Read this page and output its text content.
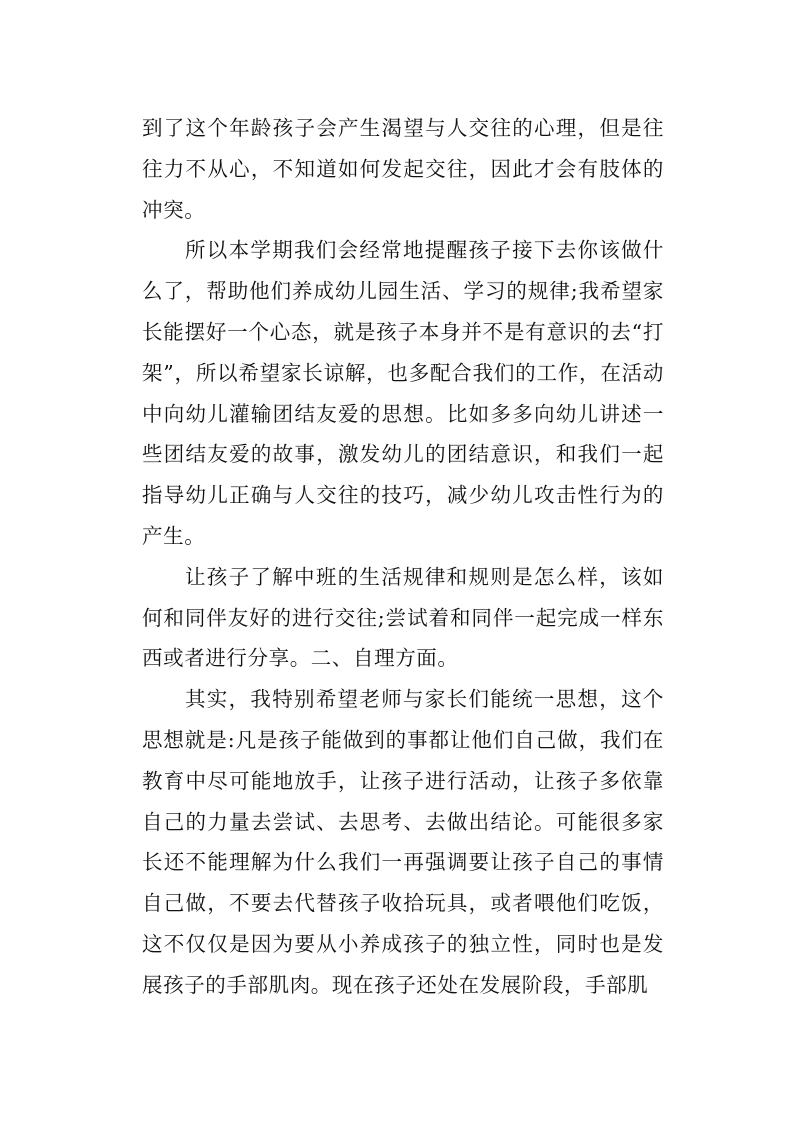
到了这个年龄孩子会产生渴望与人交往的心理，但是往往力不从心，不知道如何发起交往，因此才会有肢体的冲突。

所以本学期我们会经常地提醒孩子接下去你该做什么了，帮助他们养成幼儿园生活、学习的规律;我希望家长能摆好一个心态，就是孩子本身并不是有意识的去“打架”，所以希望家长谅解，也多配合我们的工作，在活动中向幼儿灌输团结友爱的思想。比如多多向幼儿讲述一些团结友爱的故事，激发幼儿的团结意识，和我们一起指导幼儿正确与人交往的技巧，减少幼儿攻击性行为的产生。

让孩子了解中班的生活规律和规则是怎么样，该如何和同伴友好的进行交往;尝试着和同伴一起完成一样东西或者进行分享。二、自理方面。

其实，我特别希望老师与家长们能统一思想，这个思想就是:凡是孩子能做到的事都让他们自己做，我们在教育中尽可能地放手，让孩子进行活动，让孩子多依靠自己的力量去尝试、去思考、去做出结论。可能很多家长还不能理解为什么我们一再强调要让孩子自己的事情自己做，不要去代替孩子收拾玩具，或者喂他们吃饭，这不仅仅是因为要从小养成孩子的独立性，同时也是发展孩子的手部肌肉。现在孩子还处在发展阶段，手部肌
